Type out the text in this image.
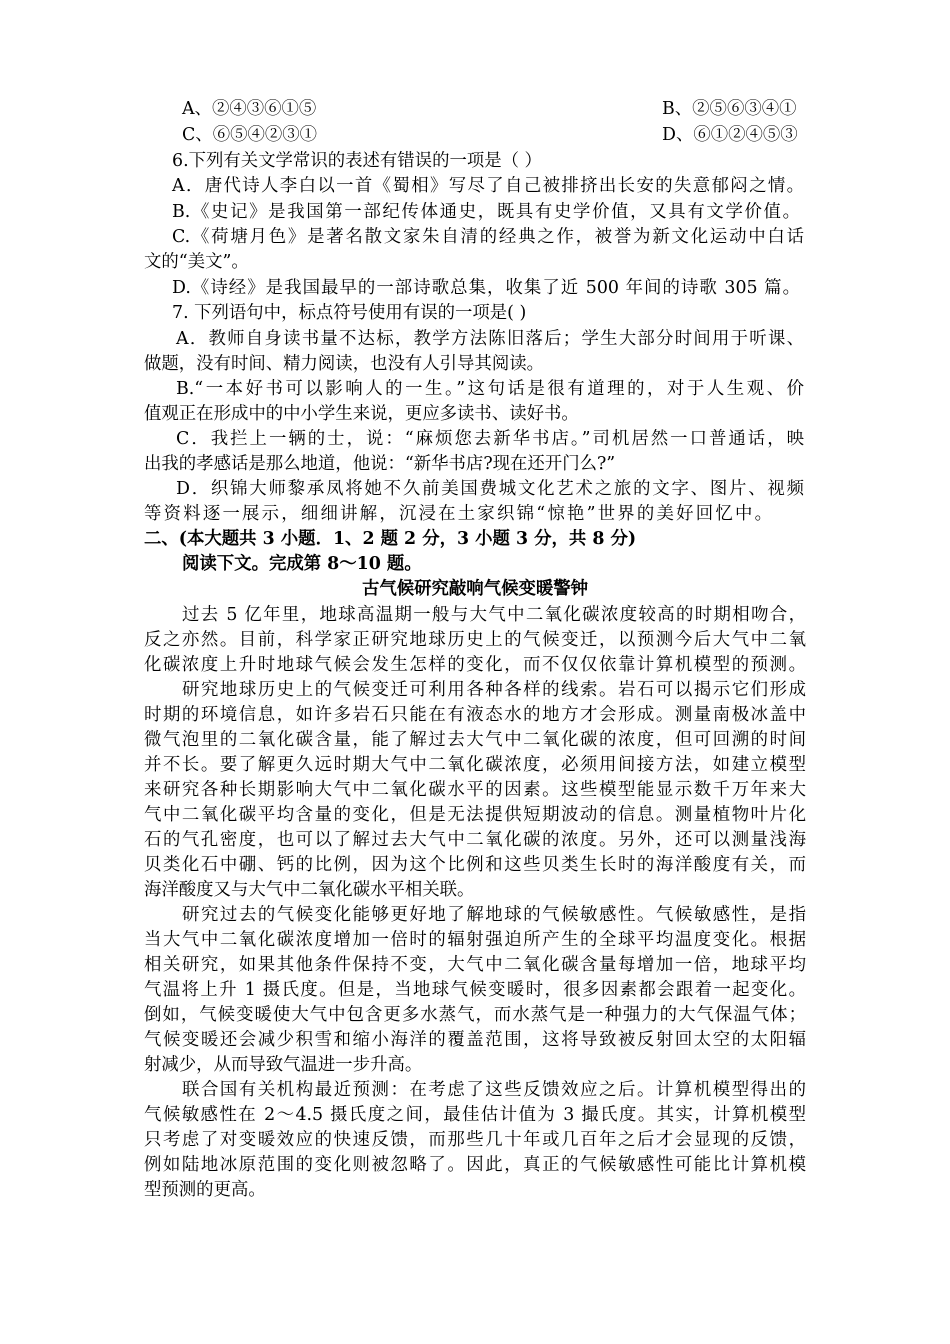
A、②④③⑥①⑤	B、②⑤⑥③④①
C、⑥⑤④②③①	D、⑥①②④⑤③
6.下列有关文学常识的表述有错误的一项是（ ）
A．唐代诗人李白以一首《蜀相》写尽了自己被排挤出长安的失意郁闷之情。
B.《史记》是我国第一部纪传体通史，既具有史学价值，又具有文学价值。
C.《荷塘月色》是著名散文家朱自清的经典之作，被誉为新文化运动中白话
文的“美文”。
D.《诗经》是我国最早的一部诗歌总集，收集了近 500 年间的诗歌 305 篇。
7. 下列语句中，标点符号使用有误的一项是( )
A．教师自身读书量不达标，教学方法陈旧落后；学生大部分时间用于听课、
做题，没有时间、精力阅读，也没有人引导其阅读。
B.“一本好书可以影响人的一生。”这句话是很有道理的，对于人生观、价
值观正在形成中的中小学生来说，更应多读书、读好书。
C．我拦上一辆的士，说：“麻烦您去新华书店。”司机居然一口普通话，映
出我的孝感话是那么地道，他说：“新华书店?现在还开门么?”
D．织锦大师黎承凤将她不久前美国费城文化艺术之旅的文字、图片、视频
等资料逐一展示，细细讲解，沉浸在土家织锦“惊艳”世界的美好回忆中。
二、(本大题共 3 小题．1、2 题 2 分，3 小题 3 分，共 8 分)
阅读下文。完成第 8～10 题。
古气候研究敲响气候变暖警钟
过去 5 亿年里，地球高温期一般与大气中二氧化碳浓度较高的时期相吻合，
反之亦然。目前，科学家正研究地球历史上的气候变迁，以预测今后大气中二氧
化碳浓度上升时地球气候会发生怎样的变化，而不仅仅依靠计算机模型的预测。
研究地球历史上的气候变迁可利用各种各样的线索。岩石可以揭示它们形成
时期的环境信息，如许多岩石只能在有液态水的地方才会形成。测量南极冰盖中
微气泡里的二氧化碳含量，能了解过去大气中二氧化碳的浓度，但可回溯的时间
并不长。要了解更久远时期大气中二氧化碳浓度，必须用间接方法，如建立模型
来研究各种长期影响大气中二氧化碳水平的因素。这些模型能显示数千万年来大
气中二氧化碳平均含量的变化，但是无法提供短期波动的信息。测量植物叶片化
石的气孔密度，也可以了解过去大气中二氧化碳的浓度。另外，还可以测量浅海
贝类化石中硼、钙的比例，因为这个比例和这些贝类生长时的海洋酸度有关，而
海洋酸度又与大气中二氧化碳水平相关联。
研究过去的气候变化能够更好地了解地球的气候敏感性。气候敏感性，是指
当大气中二氧化碳浓度增加一倍时的辐射强迫所产生的全球平均温度变化。根据
相关研究，如果其他条件保持不变，大气中二氧化碳含量每增加一倍，地球平均
气温将上升 1 摄氏度。但是，当地球气候变暖时，很多因素都会跟着一起变化。
倒如，气候变暖使大气中包含更多水蒸气，而水蒸气是一种强力的大气保温气体；
气候变暖还会减少积雪和缩小海洋的覆盖范围，这将导致被反射回太空的太阳辐
射减少，从而导致气温进一步升高。
联合国有关机构最近预测：在考虑了这些反馈效应之后。计算机模型得出的
气候敏感性在 2～4.5 摄氏度之间，最佳估计值为 3 撮氏度。其实，计算机模型
只考虑了对变暖效应的快速反馈，而那些几十年或几百年之后才会显现的反馈，
例如陆地冰原范围的变化则被忽略了。因此，真正的气候敏感性可能比计算机模
型预测的更高。
